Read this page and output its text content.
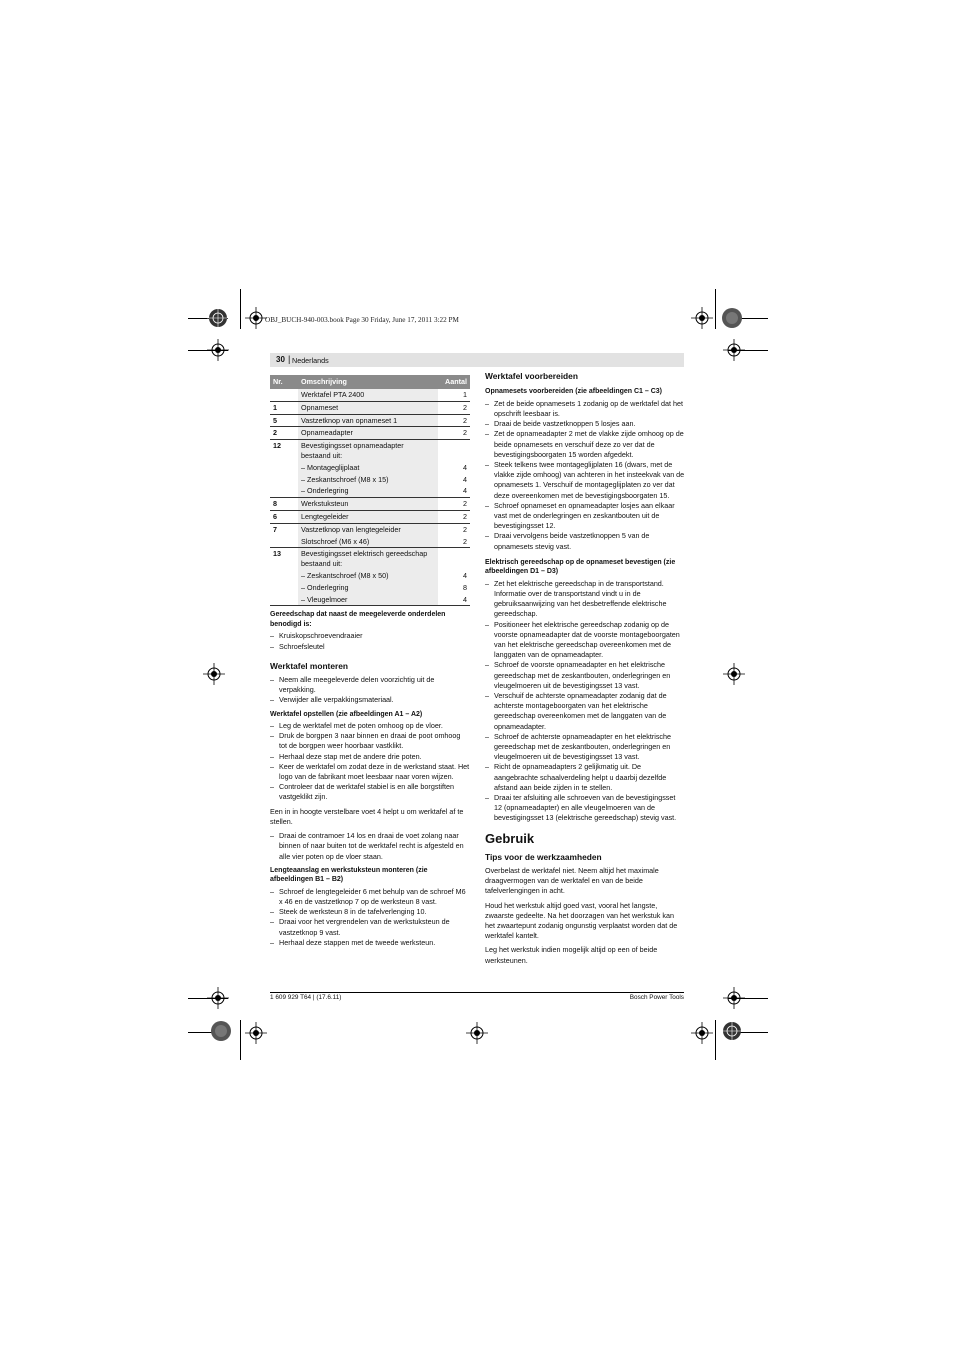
OBJ_BUCH-940-003.book Page 30 Friday, June 17, 2011 3:22 PM
30 | Nederlands
Nr.	Omschrijving	Aantal
	Werktafel PTA 2400	1
1	Opnameset	2
5	Vastzetknop van opnameset 1	2
2	Opnameadapter	2
12	Bevestigingsset opnameadapter bestaand uit:	
	– Montageglijplaat	4
	– Zeskantschroef (M8 x 15)	4
	– Onderlegring	4
8	Werkstuksteun	2
6	Lengtegeleider	2
7	Vastzetknop van lengtegeleider	2
	Slotschroef (M6 x 46)	2
13	Bevestigingsset elektrisch gereedschap bestaand uit:	
	– Zeskantschroef (M8 x 50)	4
	– Onderlegring	8
	– Vleugelmoer	4
Gereedschap dat naast de meegeleverde onderdelen benodigd is:
– Kruiskopschroevendraaier
– Schroefsleutel
Werktafel monteren
– Neem alle meegeleverde delen voorzichtig uit de verpakking.
– Verwijder alle verpakkingsmateriaal.
Werktafel opstellen (zie afbeeldingen A1 – A2)
– Leg de werktafel met de poten omhoog op de vloer.
– Druk de borgpen 3 naar binnen en draai de poot omhoog tot de borgpen weer hoorbaar vastklikt.
– Herhaal deze stap met de andere drie poten.
– Keer de werktafel om zodat deze in de werkstand staat. Het logo van de fabrikant moet leesbaar naar voren wijzen.
– Controleer dat de werktafel stabiel is en alle borgstiften vastgeklikt zijn.

Een in in hoogte verstelbare voet 4 helpt u om werktafel af te stellen.

– Draai de contramoer 14 los en draai de voet zolang naar binnen of naar buiten tot de werktafel recht is afgesteld en alle vier poten op de vloer staan.
Lengteaanslag en werkstuksteun monteren (zie afbeeldingen B1 – B2)
– Schroef de lengtegeleider 6 met behulp van de schroef M6 x 46 en de vastzetknop 7 op de werksteun 8 vast.
– Steek de werksteun 8 in de tafelverlenging 10.
– Draai voor het vergrendelen van de werkstuksteun de vastzetknop 9 vast.
– Herhaal deze stappen met de tweede werksteun.
Werktafel voorbereiden
Opnamesets voorbereiden (zie afbeeldingen C1 – C3)
– Zet de beide opnamesets 1 zodanig op de werktafel dat het opschrift leesbaar is.
– Draai de beide vastzetknoppen 5 losjes aan.
– Zet de opnameadapter 2 met de vlakke zijde omhoog op de beide opnamesets en verschuif deze zo ver dat de bevestigingsboorgaten 15 worden afgedekt.
– Steek telkens twee montageglijplaten 16 (dwars, met de vlakke zijde omhoog) van achteren in het insteekvak van de opnamesets 1. Verschuif de montageglijplaten zo ver dat deze overeenkomen met de bevestigingsboorgaten 15.
– Schroef opnameset en opnameadapter losjes aan elkaar vast met de onderlegringen en zeskantbouten uit de bevestigingsset 12.
– Draai vervolgens beide vastzetknoppen 5 van de opnamesets stevig vast.
Elektrisch gereedschap op de opnameset bevestigen (zie afbeeldingen D1 – D3)
– Zet het elektrische gereedschap in de transportstand. Informatie over de transportstand vindt u in de gebruiksaanwijzing van het desbetreffende elektrische gereedschap.
– Positioneer het elektrische gereedschap zodanig op de voorste opnameadapter dat de voorste montageboorgaten van het elektrische gereedschap overeenkomen met de langgaten van de opnameadapter.
– Schroef de voorste opnameadapter en het elektrische gereedschap met de zeskantbouten, onderlegringen en vleugelmoeren uit de bevestigingsset 13 vast.
– Verschuif de achterste opnameadapter zodanig dat de achterste montageboorgaten van het elektrische gereedschap overeenkomen met de langgaten van de opnameadapter.
– Schroef de achterste opnameadapter en het elektrische gereedschap met de zeskantbouten, onderlegringen en vleugelmoeren uit de bevestigingsset 13 vast.
– Richt de opnameadapters 2 gelijkmatig uit. De aangebrachte schaalverdeling helpt u daarbij dezelfde afstand aan beide zijden in te stellen.
– Draai ter afsluiting alle schroeven van de bevestigingsset 12 (opnameadapter) en alle vleugelmoeren van de bevestigingsset 13 (elektrische gereedschap) stevig vast.
Gebruik
Tips voor de werkzaamheden

Overbelast de werktafel niet. Neem altijd het maximale draagvermogen van de werktafel en van de beide tafelverlengingen in acht.

Houd het werkstuk altijd goed vast, vooral het langste, zwaarste gedeelte. Na het doorzagen van het werkstuk kan het zwaartepunt zodanig ongunstig verplaatst worden dat de werktafel kantelt.

Leg het werkstuk indien mogelijk altijd op een of beide werksteunen.

1 609 929 T64 | (17.6.11)	Bosch Power Tools
